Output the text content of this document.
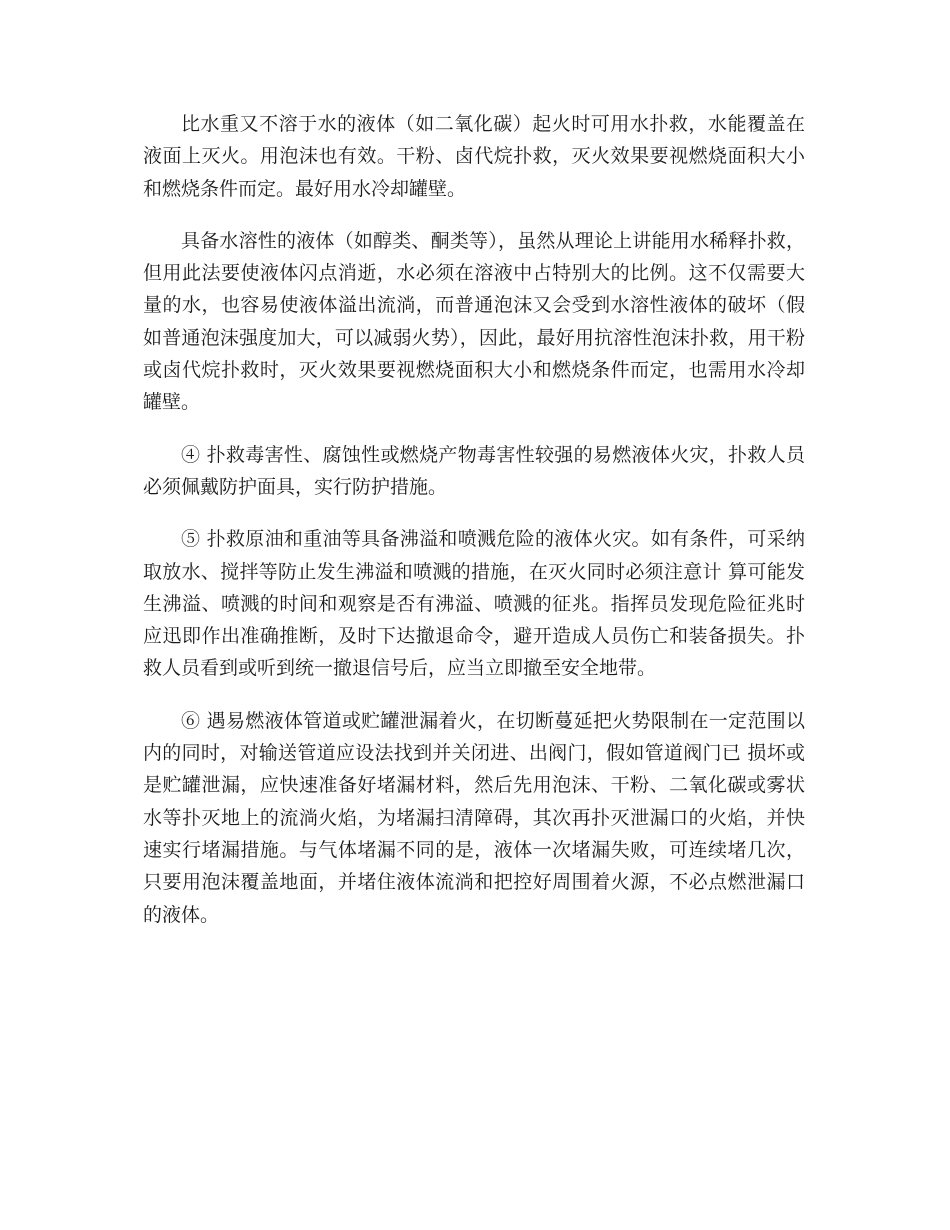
比水重又不溶于水的液体（如二氧化碳）起火时可用水扑救，水能覆盖在液面上灭火。用泡沫也有效。干粉、卤代烷扑救，灭火效果要视燃烧面积大小和燃烧条件而定。最好用水冷却罐壁。

具备水溶性的液体（如醇类、酮类等），虽然从理论上讲能用水稀释扑救，但用此法要使液体闪点消逝，水必须在溶液中占特别大的比例。这不仅需要大量的水，也容易使液体溢出流淌，而普通泡沫又会受到水溶性液体的破坏（假如普通泡沫强度加大，可以减弱火势），因此，最好用抗溶性泡沫扑救，用干粉或卤代烷扑救时，灭火效果要视燃烧面积大小和燃烧条件而定，也需用水冷却罐壁。

④ 扑救毒害性、腐蚀性或燃烧产物毒害性较强的易燃液体火灾，扑救人员必须佩戴防护面具，实行防护措施。

⑤ 扑救原油和重油等具备沸溢和喷溅危险的液体火灾。如有条件，可采纳取放水、搅拌等防止发生沸溢和喷溅的措施，在灭火同时必须注意计 算可能发生沸溢、喷溅的时间和观察是否有沸溢、喷溅的征兆。指挥员发现危险征兆时应迅即作出准确推断，及时下达撤退命令，避开造成人员伤亡和装备损失。扑救人员看到或听到统一撤退信号后，应当立即撤至安全地带。

⑥ 遇易燃液体管道或贮罐泄漏着火，在切断蔓延把火势限制在一定范围以内的同时，对输送管道应设法找到并关闭进、出阀门，假如管道阀门已 损坏或是贮罐泄漏，应快速准备好堵漏材料，然后先用泡沫、干粉、二氧化碳或雾状水等扑灭地上的流淌火焰，为堵漏扫清障碍，其次再扑灭泄漏口的火焰，并快速实行堵漏措施。与气体堵漏不同的是，液体一次堵漏失败，可连续堵几次，只要用泡沫覆盖地面，并堵住液体流淌和把控好周围着火源，不必点燃泄漏口的液体。
